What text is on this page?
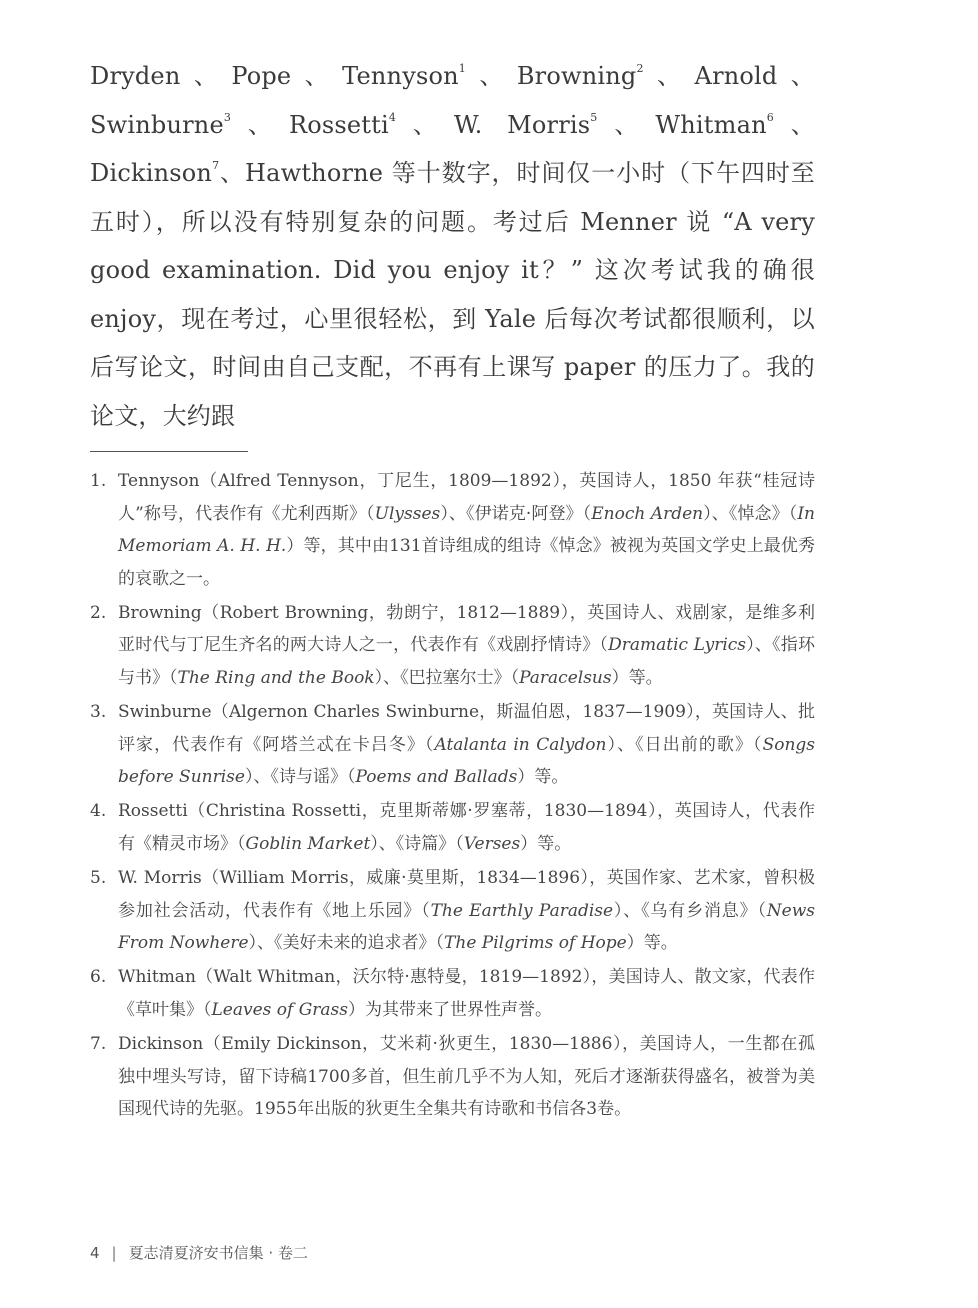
Dryden、Pope、Tennyson$^1$、Browning$^2$、Arnold、Swinburne$^3$、Rossetti$^4$、W. Morris$^5$、Whitman$^6$、Dickinson$^7$、Hawthorne 等十数字，时间仅一小时（下午四时至五时），所以没有特别复杂的问题。考过后 Menner 说 “A very good examination. Did you enjoy it？” 这次考试我的确很 enjoy，现在考过，心里很轻松，到 Yale 后每次考试都很顺利，以后写论文，时间由自己支配，不再有上课写 paper 的压力了。我的论文，大约跟

1. Tennyson（Alfred Tennyson，丁尼生，1809—1892），英国诗人，1850 年获“桂冠诗人”称号，代表作有《尤利西斯》（Ulysses）、《伊诺克·阿登》（Enoch Arden）、《悼念》（In Memoriam A. H. H.）等，其中由131首诗组成的组诗《悼念》被视为英国文学史上最优秀的哀歌之一。
2. Browning（Robert Browning，勃朗宁，1812—1889），英国诗人、戏剧家，是维多利亚时代与丁尼生齐名的两大诗人之一，代表作有《戏剧抒情诗》（Dramatic Lyrics）、《指环与书》（The Ring and the Book）、《巴拉塞尔士》（Paracelsus）等。
3. Swinburne（Algernon Charles Swinburne，斯温伯恩，1837—1909），英国诗人、批评家，代表作有《阿塔兰忒在卡吕冬》（Atalanta in Calydon）、《日出前的歌》（Songs before Sunrise）、《诗与谣》（Poems and Ballads）等。
4. Rossetti（Christina Rossetti，克里斯蒂娜·罗塞蒂，1830—1894），英国诗人，代表作有《精灵市场》（Goblin Market）、《诗篇》（Verses）等。
5. W. Morris（William Morris，威廉·莫里斯，1834—1896），英国作家、艺术家，曾积极参加社会活动，代表作有《地上乐园》（The Earthly Paradise）、《乌有乡消息》（News From Nowhere）、《美好未来的追求者》（The Pilgrims of Hope）等。
6. Whitman（Walt Whitman，沃尔特·惠特曼，1819—1892），美国诗人、散文家，代表作《草叶集》（Leaves of Grass）为其带来了世界性声誉。
7. Dickinson（Emily Dickinson，艾米莉·狄更生，1830—1886），美国诗人，一生都在孤独中埋头写诗，留下诗稿1700多首，但生前几乎不为人知，死后才逐渐获得盛名，被誉为美国现代诗的先驱。1955年出版的狄更生全集共有诗歌和书信各3卷。
4 | 夏志清夏济安书信集 · 卷二
